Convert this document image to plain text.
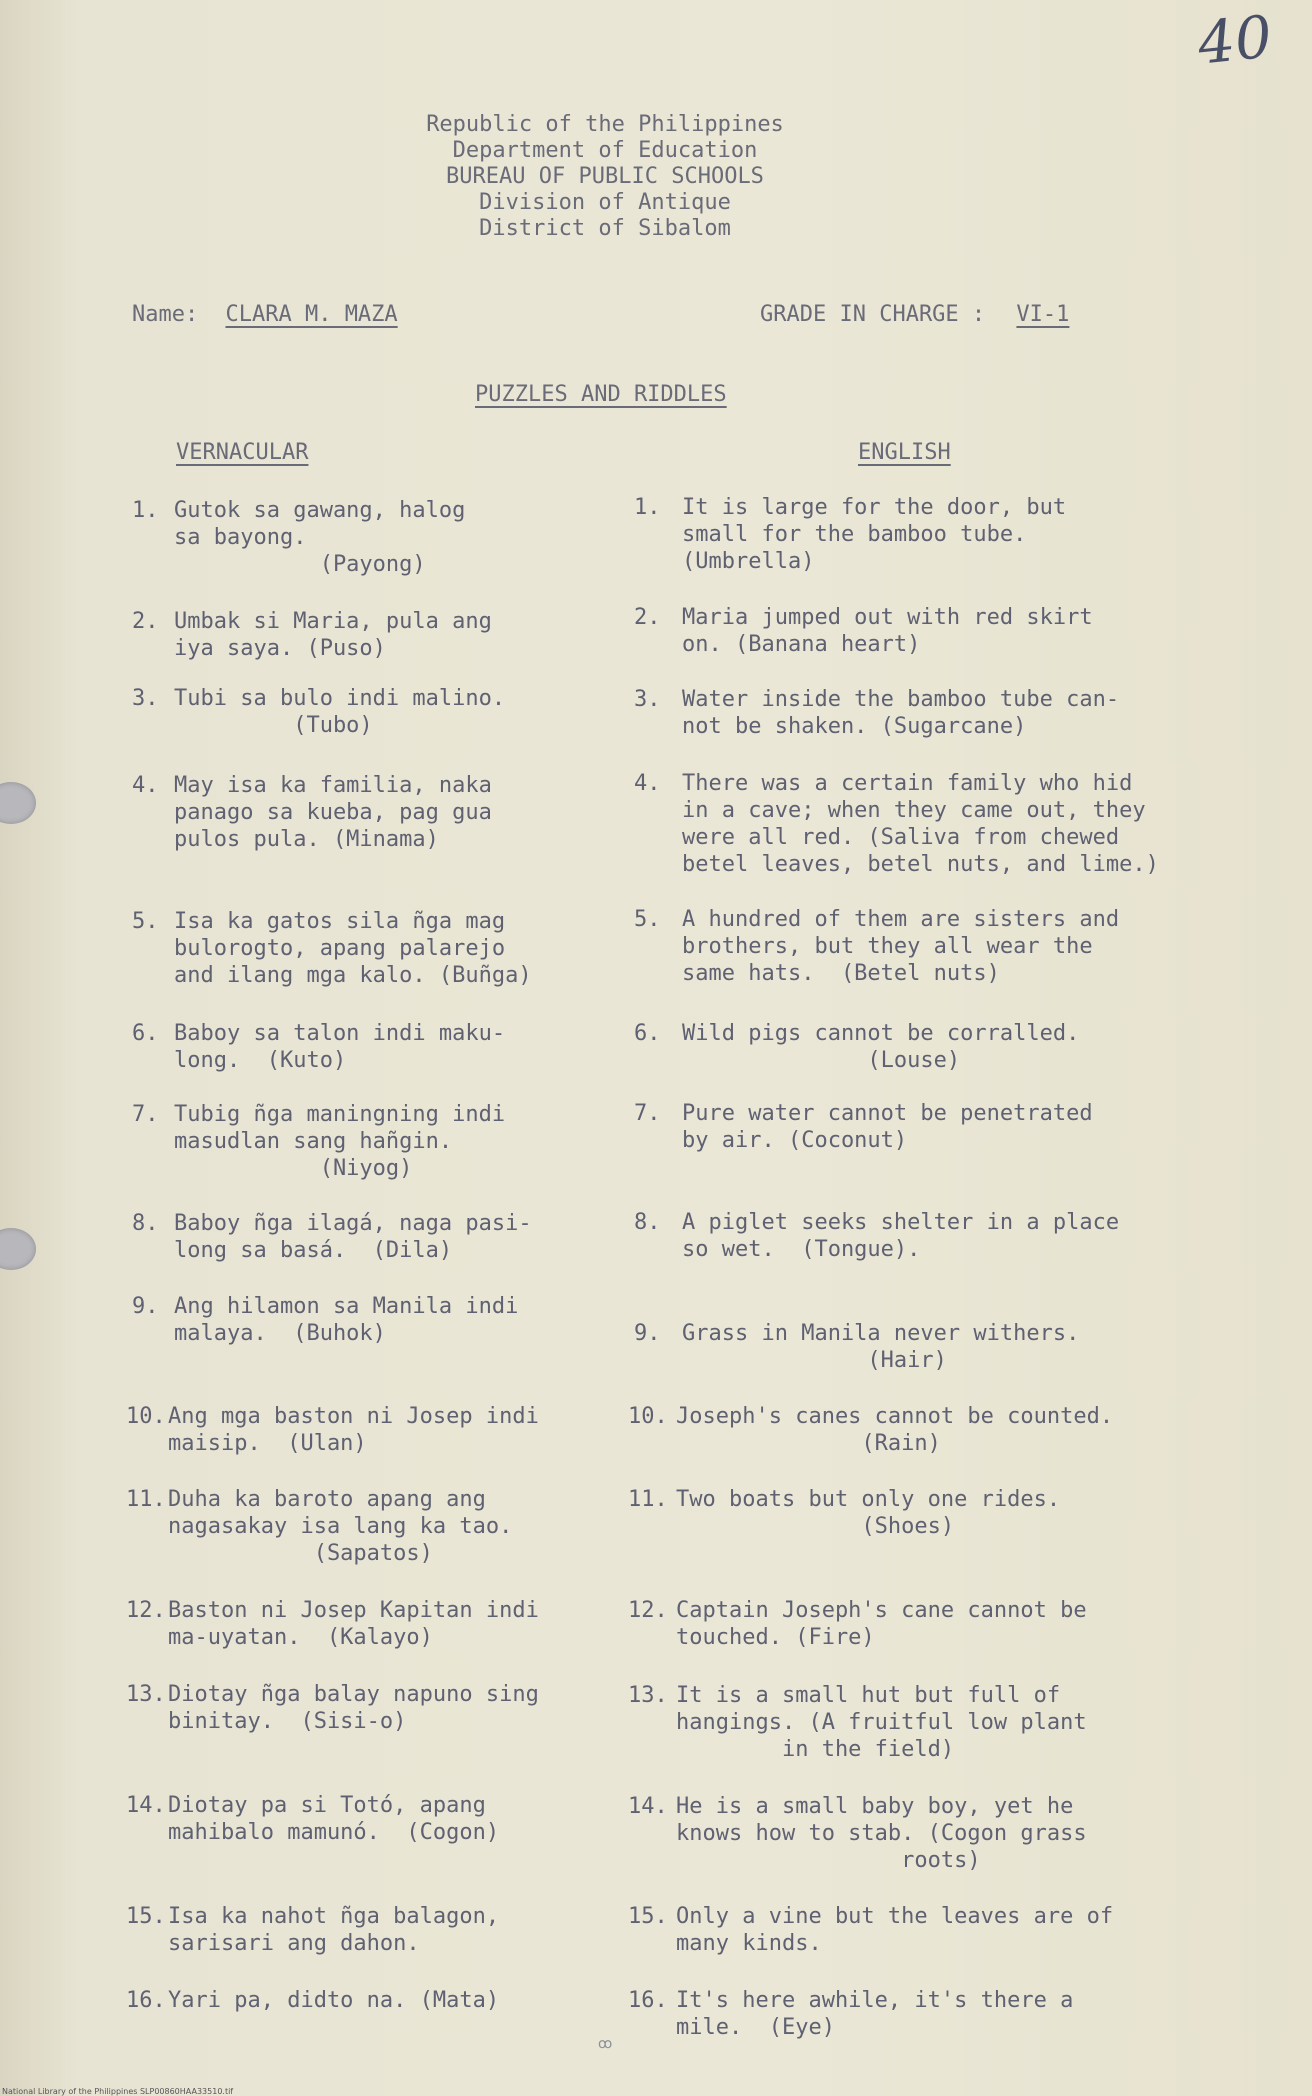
40
Republic of the Philippines
Department of Education
BUREAU OF PUBLIC SCHOOLS
Division of Antique
District of Sibalom
Name: CLARA M. MAZA	GRADE IN CHARGE : VI-1
PUZZLES AND RIDDLES
VERNACULAR	ENGLISH
1. Gutok sa gawang, halog
sa bayong.
(Payong)
2. Umbak si Maria, pula ang
iya saya. (Puso)
3. Tubi sa bulo indi malino.
(Tubo)
4. May isa ka familia, naka
panago sa kueba, pag gua
pulos pula. (Minama)
5. Isa ka gatos sila ñga mag
bulorogto, apang palarejo
and ilang mga kalo. (Buñga)
6. Baboy sa talon indi maku-
long.  (Kuto)
7. Tubig ñga maningning indi
masudlan sang hañgin.
(Niyog)
8. Baboy ñga ilagá, naga pasi-
long sa basá.  (Dila)
9. Ang hilamon sa Manila indi
malaya.  (Buhok)
10. Ang mga baston ni Josep indi
maisip.  (Ulan)
11. Duha ka baroto apang ang
nagasakay isa lang ka tao.
(Sapatos)
12. Baston ni Josep Kapitan indi
ma-uyatan.  (Kalayo)
13. Diotay ñga balay napuno sing
binitay.  (Sisi-o)
14. Diotay pa si Totó, apang
mahibalo mamunó.  (Cogon)
15. Isa ka nahot ñga balagon,
sarisari ang dahon.
16. Yari pa, didto na. (Mata)
1. It is large for the door, but
small for the bamboo tube.
(Umbrella)
2. Maria jumped out with red skirt
on. (Banana heart)
3. Water inside the bamboo tube can-
not be shaken. (Sugarcane)
4. There was a certain family who hid
in a cave; when they came out, they
were all red. (Saliva from chewed
betel leaves, betel nuts, and lime.)
5. A hundred of them are sisters and
brothers, but they all wear the
same hats.  (Betel nuts)
6. Wild pigs cannot be corralled.
(Louse)
7. Pure water cannot be penetrated
by air. (Coconut)
8. A piglet seeks shelter in a place
so wet.  (Tongue).
9. Grass in Manila never withers.
(Hair)
10. Joseph's canes cannot be counted.
(Rain)
11. Two boats but only one rides.
(Shoes)
12. Captain Joseph's cane cannot be
touched. (Fire)
13. It is a small hut but full of
hangings. (A fruitful low plant
in the field)
14. He is a small baby boy, yet he
knows how to stab. (Cogon grass
roots)
15. Only a vine but the leaves are of
many kinds.
16. It's here awhile, it's there a
mile.  (Eye)
ꝏ
National Library of the Philippines SLP00860HAA33510.tif
